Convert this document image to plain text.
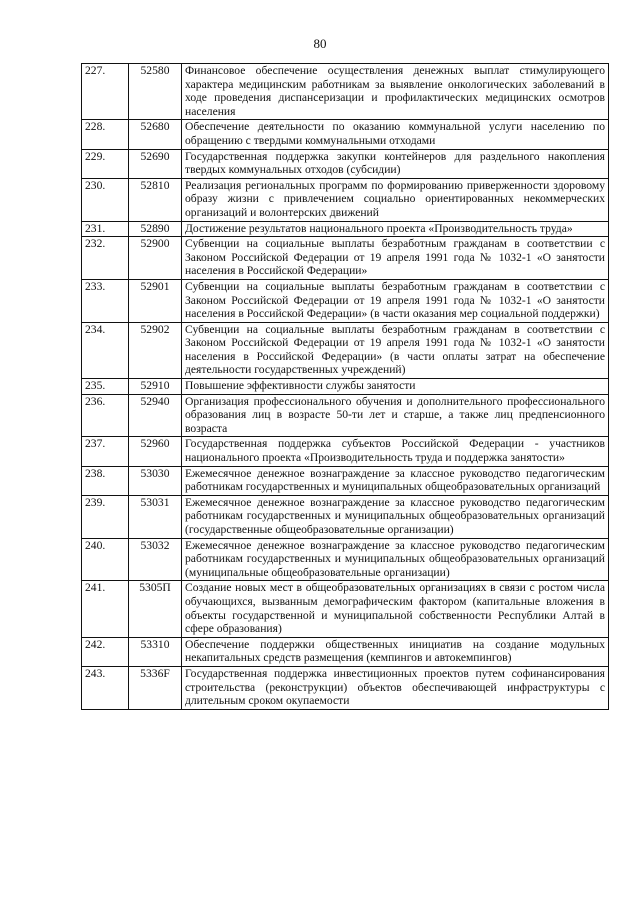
80
227.	52580	Финансовое обеспечение осуществления денежных выплат стимулирующего характера медицинским работникам за выявление онкологических заболеваний в ходе проведения диспансеризации и профилактических медицинских осмотров населения
228.	52680	Обеспечение деятельности по оказанию коммунальной услуги населению по обращению с твердыми коммунальными отходами
229.	52690	Государственная поддержка закупки контейнеров для раздельного накопления твердых коммунальных отходов (субсидии)
230.	52810	Реализация региональных программ по формированию приверженности здоровому образу жизни с привлечением социально ориентированных некоммерческих организаций и волонтерских движений
231.	52890	Достижение результатов национального проекта «Производительность труда»
232.	52900	Субвенции на социальные выплаты безработным гражданам в соответствии с Законом Российской Федерации от 19 апреля 1991 года № 1032-1 «О занятости населения в Российской Федерации»
233.	52901	Субвенции на социальные выплаты безработным гражданам в соответствии с Законом Российской Федерации от 19 апреля 1991 года № 1032-1 «О занятости населения в Российской Федерации» (в части оказания мер социальной поддержки)
234.	52902	Субвенции на социальные выплаты безработным гражданам в соответствии с Законом Российской Федерации от 19 апреля 1991 года № 1032-1 «О занятости населения в Российской Федерации» (в части оплаты затрат на обеспечение деятельности государственных учреждений)
235.	52910	Повышение эффективности службы занятости
236.	52940	Организация профессионального обучения и дополнительного профессионального образования лиц в возрасте 50-ти лет и старше, а также лиц предпенсионного возраста
237.	52960	Государственная поддержка субъектов Российской Федерации - участников национального проекта «Производительность труда и поддержка занятости»
238.	53030	Ежемесячное денежное вознаграждение за классное руководство педагогическим работникам государственных и муниципальных общеобразовательных организаций
239.	53031	Ежемесячное денежное вознаграждение за классное руководство педагогическим работникам государственных и муниципальных общеобразовательных организаций (государственные общеобразовательные организации)
240.	53032	Ежемесячное денежное вознаграждение за классное руководство педагогическим работникам государственных и муниципальных общеобразовательных организаций (муниципальные общеобразовательные организации)
241.	5305П	Создание новых мест в общеобразовательных организациях в связи с ростом числа обучающихся, вызванным демографическим фактором (капитальные вложения в объекты государственной и муниципальной собственности Республики Алтай в сфере образования)
242.	53310	Обеспечение поддержки общественных инициатив на создание модульных некапитальных средств размещения (кемпингов и автокемпингов)
243.	5336F	Государственная поддержка инвестиционных проектов путем софинансирования строительства (реконструкции) объектов обеспечивающей инфраструктуры с длительным сроком окупаемости
